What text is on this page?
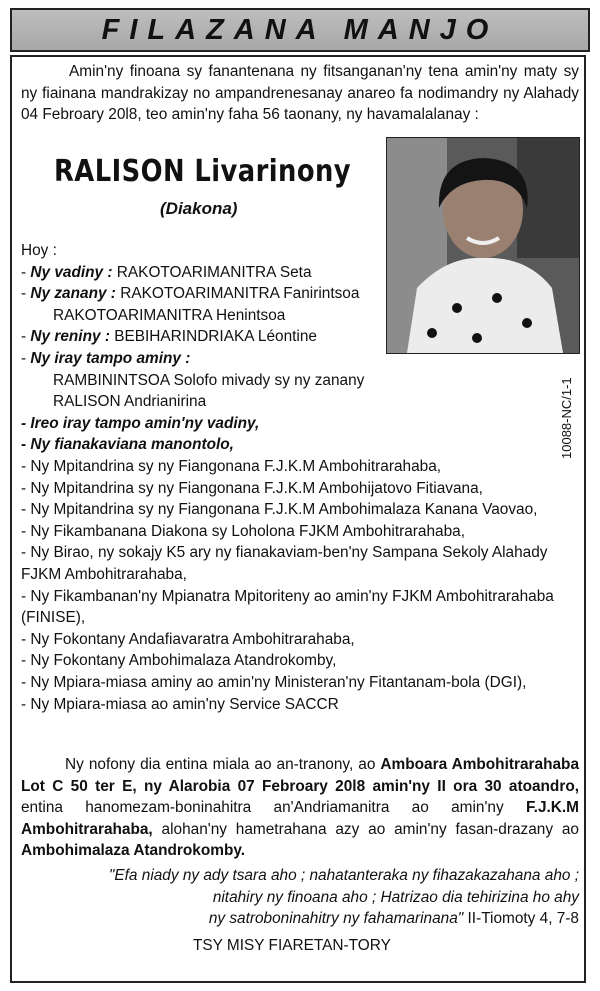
FILAZANA MANJO
Amin'ny finoana sy fanantenana ny fitsanganan'ny tena amin'ny maty sy ny fiainana mandrakizay no ampandrenesanay anareo fa nodimandry ny Alahady 04 Febroary 20l8, teo amin'ny faha 56 taonany, ny havamalalanay :
RALISON Livarinony
(Diakona)
10088-NC/1-1
Hoy :
- Ny vadiny : RAKOTOARIMANITRA Seta
- Ny zanany : RAKOTOARIMANITRA Fanirintsoa
RAKOTOARIMANITRA Henintsoa
- Ny reniny : BEBIHARINDRIAKA Léontine
- Ny iray tampo aminy :
RAMBININTSOA Solofo mivady sy ny zanany
RALISON Andrianirina
- Ireo iray tampo amin'ny vadiny,
- Ny fianakaviana manontolo,
- Ny Mpitandrina sy ny Fiangonana F.J.K.M Ambohitrarahaba,
- Ny Mpitandrina sy ny Fiangonana F.J.K.M Ambohijatovo Fitiavana,
- Ny Mpitandrina sy ny Fiangonana F.J.K.M Ambohimalaza Kanana Vaovao,
- Ny Fikambanana Diakona sy Loholona FJKM Ambohitrarahaba,
- Ny Birao, ny sokajy K5 ary ny fianakaviam-ben'ny Sampana Sekoly Alahady
FJKM Ambohitrarahaba,
- Ny Fikambanan'ny Mpianatra Mpitoriteny ao amin'ny FJKM Ambohitrarahaba
(FINISE),
- Ny Fokontany Andafiavaratra Ambohitrarahaba,
- Ny Fokontany Ambohimalaza Atandrokomby,
- Ny Mpiara-miasa aminy ao amin'ny Ministeran'ny Fitantanam-bola (DGI),
- Ny Mpiara-miasa ao amin'ny Service SACCR
Ny nofony dia entina miala ao an-tranony, ao Amboara Ambohitrarahaba Lot C 50 ter E, ny Alarobia 07 Febroary 20l8 amin'ny II ora 30 atoandro, entina hanomezam-boninahitra an'Andriamanitra ao amin'ny F.J.K.M Ambohitrarahaba, alohan'ny hametrahana azy ao amin'ny fasan-drazany ao Ambohimalaza Atandrokomby.
"Efa niady ny ady tsara aho ; nahatanteraka ny fihazakazahana aho ;
nitahiry ny finoana aho ; Hatrizao dia tehirizina ho ahy
ny satroboninahitry ny fahamarinana" II-Tiomoty 4, 7-8
TSY MISY FIARETAN-TORY
